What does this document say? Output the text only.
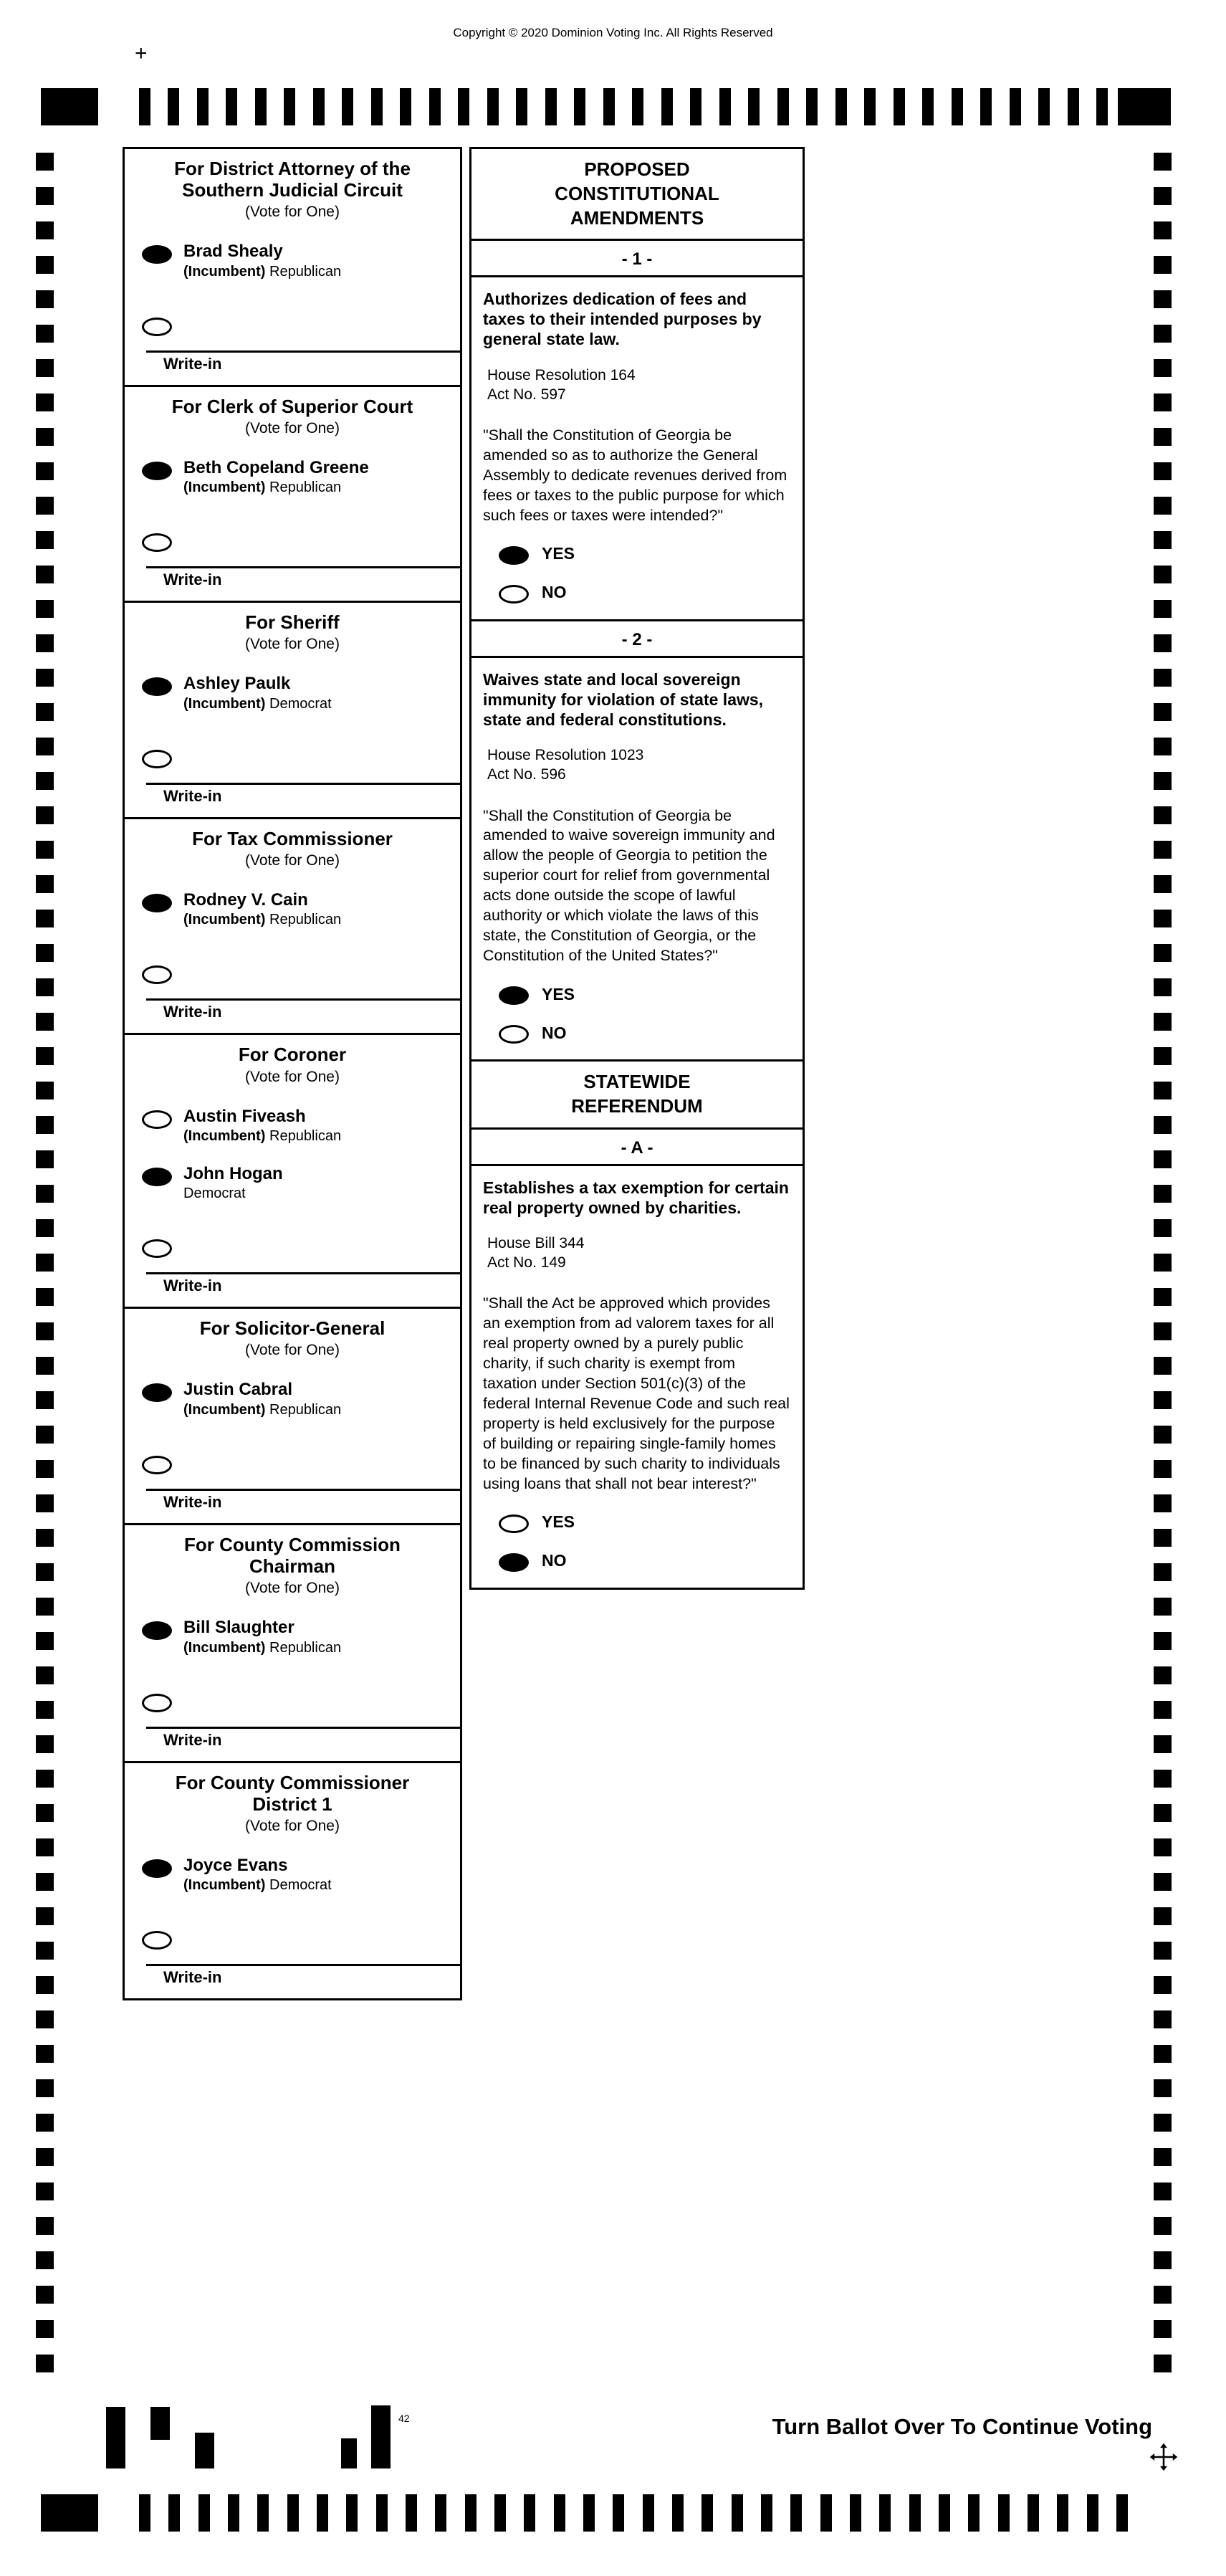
Copyright © 2020 Dominion Voting Inc. All Rights Reserved
+
For District Attorney of the Southern Judicial Circuit
(Vote for One)
Brad Shealy
(Incumbent) Republican
Write-in
For Clerk of Superior Court
(Vote for One)
Beth Copeland Greene
(Incumbent) Republican
Write-in
For Sheriff
(Vote for One)
Ashley Paulk
(Incumbent) Democrat
Write-in
For Tax Commissioner
(Vote for One)
Rodney V. Cain
(Incumbent) Republican
Write-in
For Coroner
(Vote for One)
Austin Fiveash
(Incumbent) Republican
John Hogan
Democrat
Write-in
For Solicitor-General
(Vote for One)
Justin Cabral
(Incumbent) Republican
Write-in
For County Commission Chairman
(Vote for One)
Bill Slaughter
(Incumbent) Republican
Write-in
For County Commissioner District 1
(Vote for One)
Joyce Evans
(Incumbent) Democrat
Write-in
PROPOSED CONSTITUTIONAL AMENDMENTS
- 1 -
Authorizes dedication of fees and taxes to their intended purposes by general state law.
House Resolution 164
Act No. 597
"Shall the Constitution of Georgia be amended so as to authorize the General Assembly to dedicate revenues derived from fees or taxes to the public purpose for which such fees or taxes were intended?"
YES
NO
- 2 -
Waives state and local sovereign immunity for violation of state laws, state and federal constitutions.
House Resolution 1023
Act No. 596
"Shall the Constitution of Georgia be amended to waive sovereign immunity and allow the people of Georgia to petition the superior court for relief from governmental acts done outside the scope of lawful authority or which violate the laws of this state, the Constitution of Georgia, or the Constitution of the United States?"
YES
NO
STATEWIDE REFERENDUM
- A -
Establishes a tax exemption for certain real property owned by charities.
House Bill 344
Act No. 149
"Shall the Act be approved which provides an exemption from ad valorem taxes for all real property owned by a purely public charity, if such charity is exempt from taxation under Section 501(c)(3) of the federal Internal Revenue Code and such real property is held exclusively for the purpose of building or repairing single-family homes to be financed by such charity to individuals using loans that shall not bear interest?"
YES
NO
42	Turn Ballot Over To Continue Voting
